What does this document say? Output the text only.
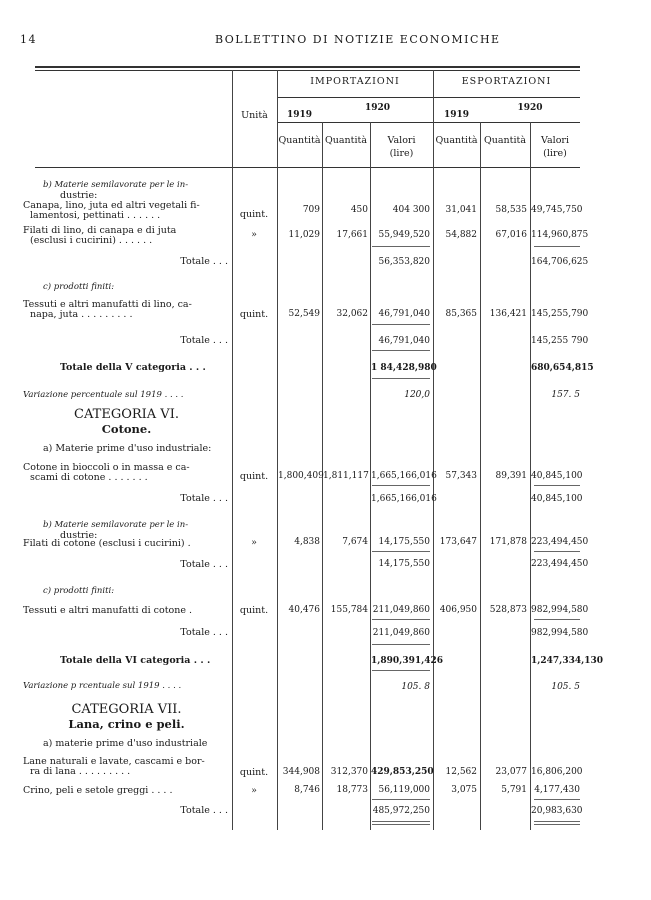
14	BOLLETTINO DI NOTIZIE ECONOMICHE
Unità
IMPORTAZIONI	ESPORTAZIONI
1919
1920
1919
1920
Quantità Quantità	Valori
(lire)
Quantità Quantità	Valori
(lire)
b) Materie semilavorate per le in-
dustrie:
Canapa, lino, juta ed altri vegetali fi-
lamentosi, pettinati . . . . . .	quint.	709	450	404 300	31,041	58,535 49,745,750
Filati di lino, di canapa e di juta
(esclusi i cucirini) . . . . . .
»	11,029	17,661	55,949,520	54,882	67,016 114,960,875
Totale . . .	56,353,820	164,706,625
c) prodotti finiti:
Tessuti e altri manufatti di lino, ca-
napa, juta . . . . . . . . .	quint.	52,549	32,062	46,791,040	85,365	136,421 145,255,790
Totale . . .	46,791,040	145,255 790
Totale della V categoria . . .	1 84,428,980	680,654,815
Variazione percentuale sul 1919 . . . .	120,0	157. 5
CATEGORIA VI.
Cotone.
a) Materie prime d'uso industriale:
Cotone in bioccoli o in massa e ca-
scami di cotone . . . . . . .	quint.	1,800,409 1,811,117 1,665,166,016 57,343	89,391 40,845,100
Totale . . .	1,665,166,016	40,845,100
b) Materie semilavorate per le in-
dustrie:
Filati di cotone (esclusi i cucirini) .	»	4,838	7,674	14,175,550	173,647	171,878 223,494,450
Totale . . .	14,175,550	223,494,450
c) prodotti finiti:
Tessuti e altri manufatti di cotone .	quint.	40,476	155,784 211,049,860	406,950	528,873 982,994,580
Totale . . .	211,049,860	982,994,580
Totale della VI categoria . . .	1,890,391,426	1,247,334,130
Variazione p rcentuale sul 1919 . . . .	105. 8	105. 5
CATEGORIA VII.
Lana, crino e peli.
a) materie prime d'uso industriale
Lane naturali e lavate, cascami e bor-
ra di lana . . . . . . . . .	quint.	344,908	312,370 429,853,250	12,562	23,077 16,806,200
Crino, peli e setole greggi . . . .	»	8,746	18,773	56,119,000	3,075	5,791 4,177,430
Totale . . .	485,972,250	20,983,630
